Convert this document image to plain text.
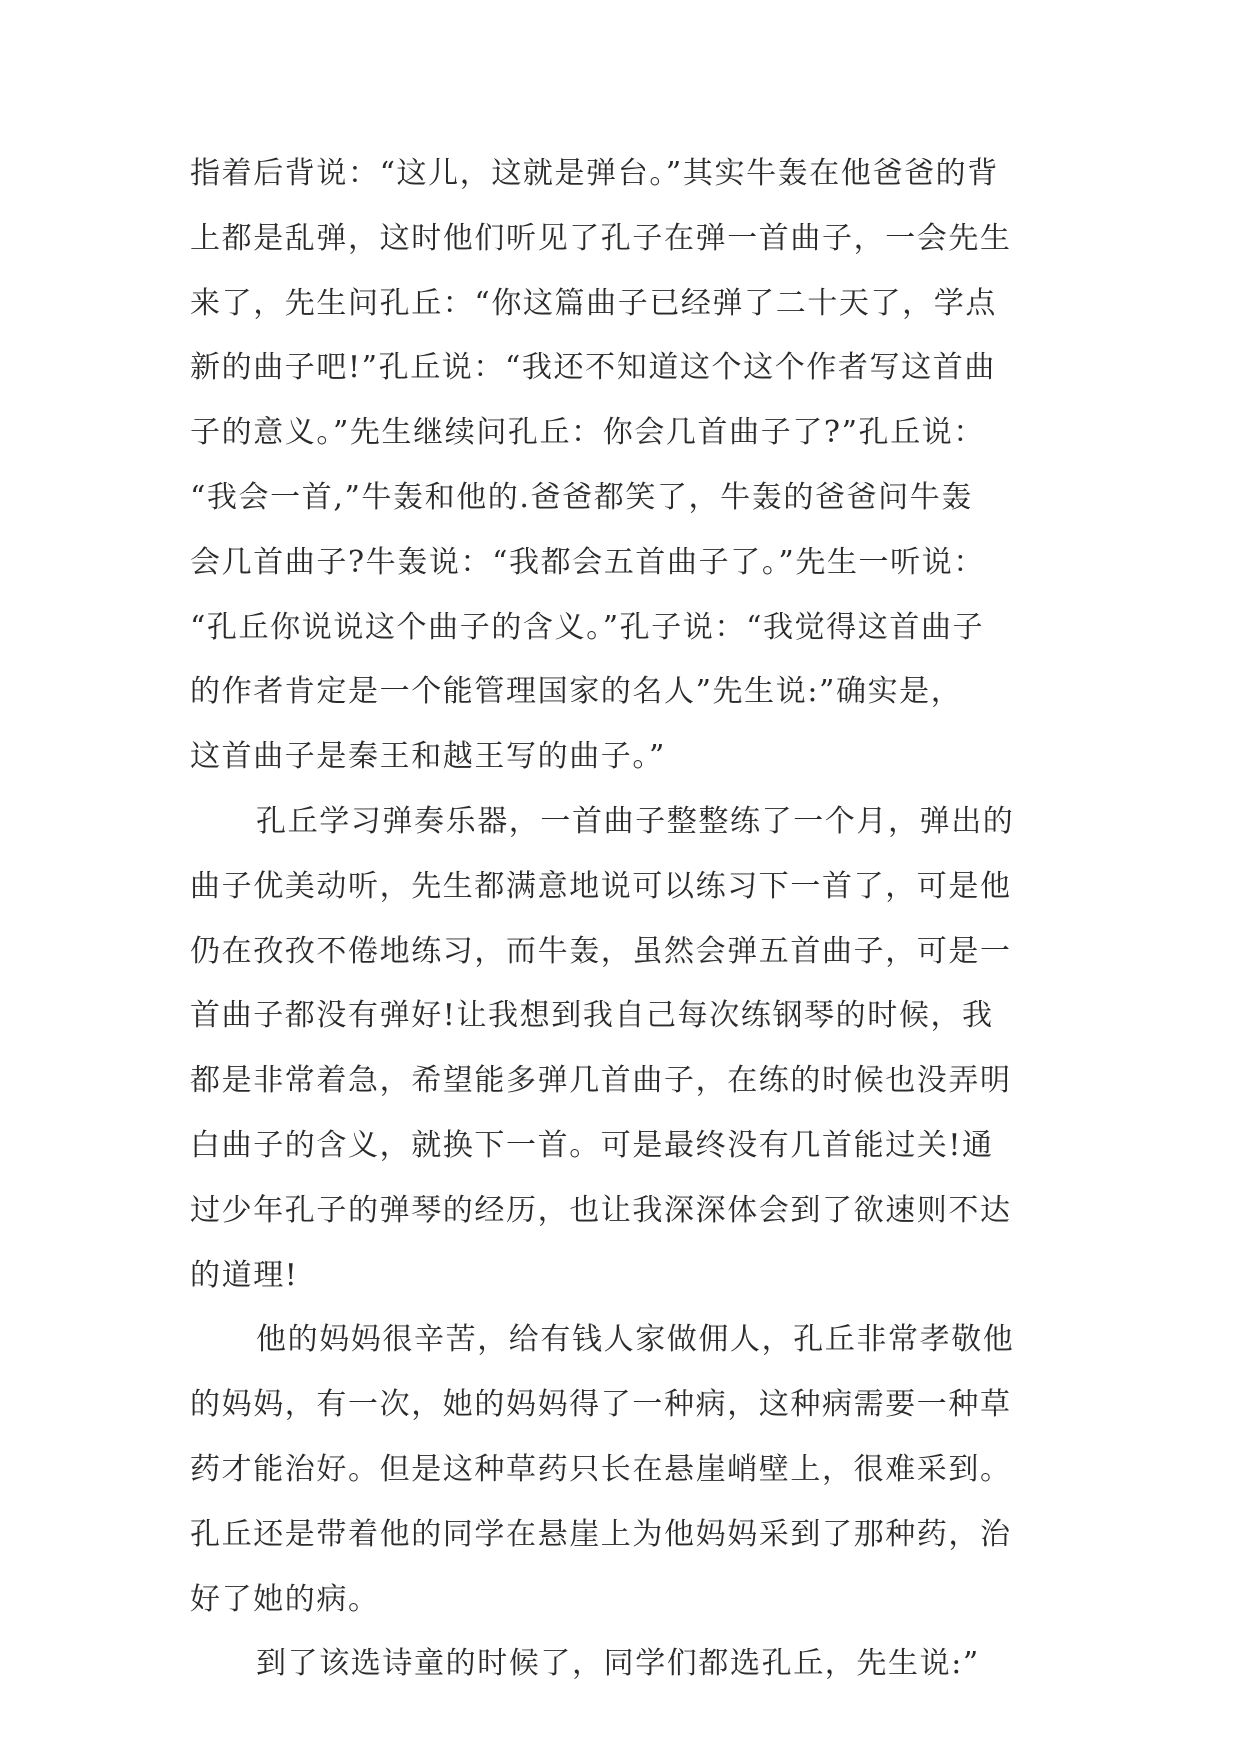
指着后背说：“这儿，这就是弹台。”其实牛轰在他爸爸的背
上都是乱弹，这时他们听见了孔子在弹一首曲子，一会先生
来了，先生问孔丘：“你这篇曲子已经弹了二十天了，学点
新的曲子吧!”孔丘说：“我还不知道这个这个作者写这首曲
子的意义。”先生继续问孔丘：你会几首曲子了?”孔丘说：
“我会一首,”牛轰和他的.爸爸都笑了，牛轰的爸爸问牛轰
会几首曲子?牛轰说：“我都会五首曲子了。”先生一听说：
“孔丘你说说这个曲子的含义。”孔子说：“我觉得这首曲子
的作者肯定是一个能管理国家的名人”先生说:”确实是，
这首曲子是秦王和越王写的曲子。”
孔丘学习弹奏乐器，一首曲子整整练了一个月，弹出的
曲子优美动听，先生都满意地说可以练习下一首了，可是他
仍在孜孜不倦地练习，而牛轰，虽然会弹五首曲子，可是一
首曲子都没有弹好!让我想到我自己每次练钢琴的时候，我
都是非常着急，希望能多弹几首曲子，在练的时候也没弄明
白曲子的含义，就换下一首。可是最终没有几首能过关!通
过少年孔子的弹琴的经历，也让我深深体会到了欲速则不达
的道理!
他的妈妈很辛苦，给有钱人家做佣人，孔丘非常孝敬他
的妈妈，有一次，她的妈妈得了一种病，这种病需要一种草
药才能治好。但是这种草药只长在悬崖峭壁上，很难采到。
孔丘还是带着他的同学在悬崖上为他妈妈采到了那种药，治
好了她的病。
到了该选诗童的时候了，同学们都选孔丘，先生说:”
